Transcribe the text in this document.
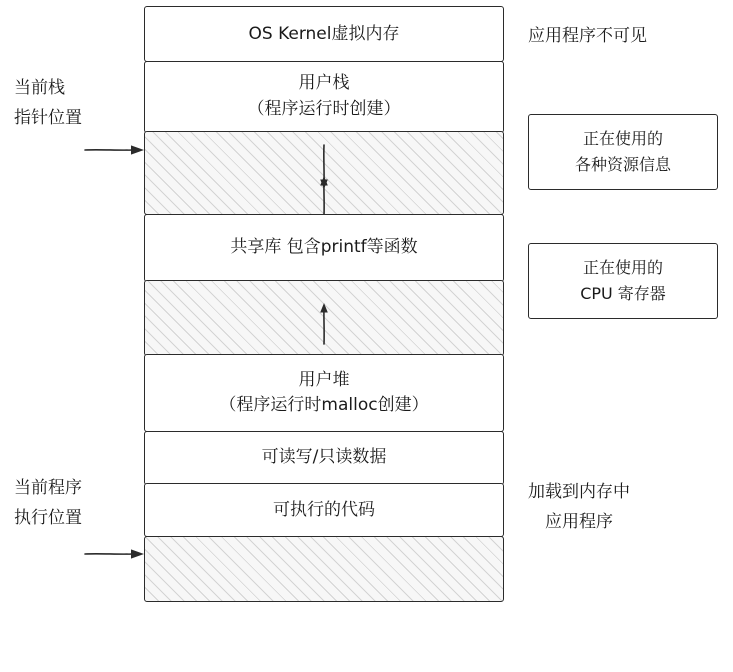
OS Kernel虚拟内存
用户栈
（程序运行时创建）
共享库 包含printf等函数
用户堆
（程序运行时malloc创建）
可读写/只读数据
可执行的代码
当前栈
指针位置
当前程序
执行位置
应用程序不可见
正在使用的
各种资源信息
正在使用的
CPU 寄存器
加载到内存中
应用程序
